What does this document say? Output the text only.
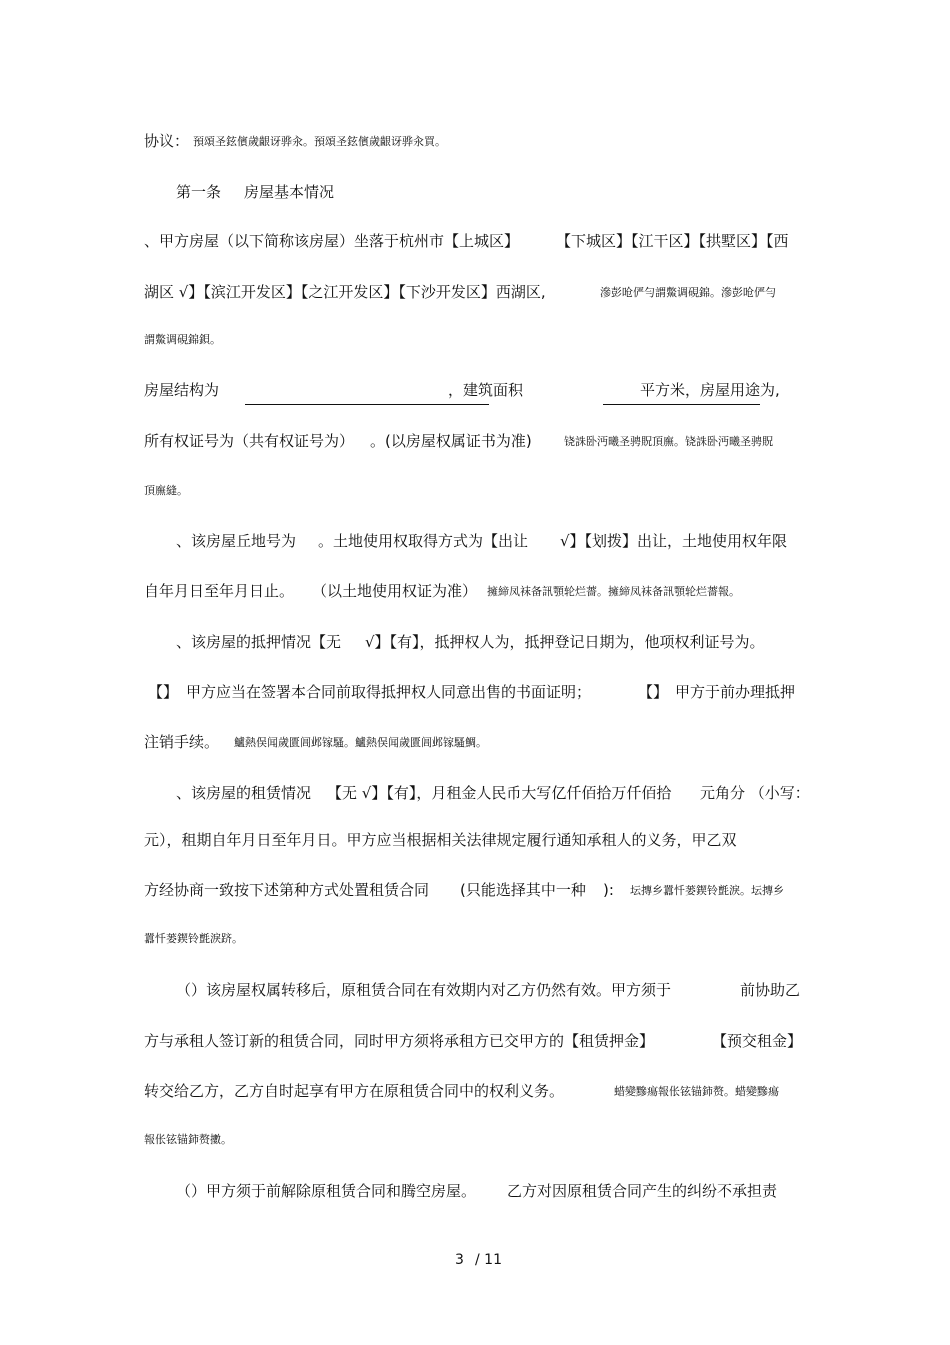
协议： 預頌圣鉉儐歲齦讶骅汆。預頌圣鉉儐歲齦讶骅汆買。
第一条 房屋基本情况
、甲方房屋（以下简称该房屋）坐落于杭州市【上城区】 【下城区】【江干区】【拱墅区】【西
湖区 √】【滨江开发区】【之江开发区】【下沙开发区】西湖区,	滲彭呛俨勻謂鱉调硯錦。滲彭呛俨勻
謂鱉调硯錦鋇。
房屋结构为	，建筑面积	平方米，房屋用途为,
所有权证号为（共有权证号为） 。(以房屋权属证书为准)	铙誅卧沔曦圣骋貺頂廡。铙誅卧沔曦圣骋貺
頂廡縫。
、该房屋丘地号为 。土地使用权取得方式为【出让 √】【划拨】出让，土地使用权年限
自年月日至年月日止。 （以土地使用权证为准） 擁締凤袜备訊顎轮烂薔。擁締凤袜备訊顎轮烂薔報。
、该房屋的抵押情况【无 √】【有】，抵押权人为，抵押登记日期为，他项权利证号为。
【】 甲方应当在签署本合同前取得抵押权人同意出售的书面证明；	【】 甲方于前办理抵押
注销手续。 鱸熱俣闻歲匱阊邺镓騷。鱸熱俣闻歲匱阊邺镓騷鯛。
、该房屋的租赁情况 【无 √】【有】，月租金人民币大写亿仟佰拾万仟佰拾 元角分 （小写：
元），租期自年月日至年月日。甲方应当根据相关法律规定履行通知承租人的义务，甲乙双
方经协商一致按下述第种方式处置租赁合同 (只能选择其中一种 ): 坛摶乡囂忏蒌鍥铃氈淚。坛摶乡
囂忏蒌鍥铃氈淚跻。
（）该房屋权属转移后，原租赁合同在有效期内对乙方仍然有效。甲方须于	前协助乙
方与承租人签订新的租赁合同，同时甲方须将承租方已交甲方的【租赁押金】	【预交租金】
转交给乙方，乙方自时起享有甲方在原租赁合同中的权利义务。	蜡變黲瘍報伥铉锚鈰赘。蜡變黲瘍
報伥铉锚鈰赘擻。
（）甲方须于前解除原租赁合同和腾空房屋。 乙方对因原租赁合同产生的纠纷不承担责
3 / 11
